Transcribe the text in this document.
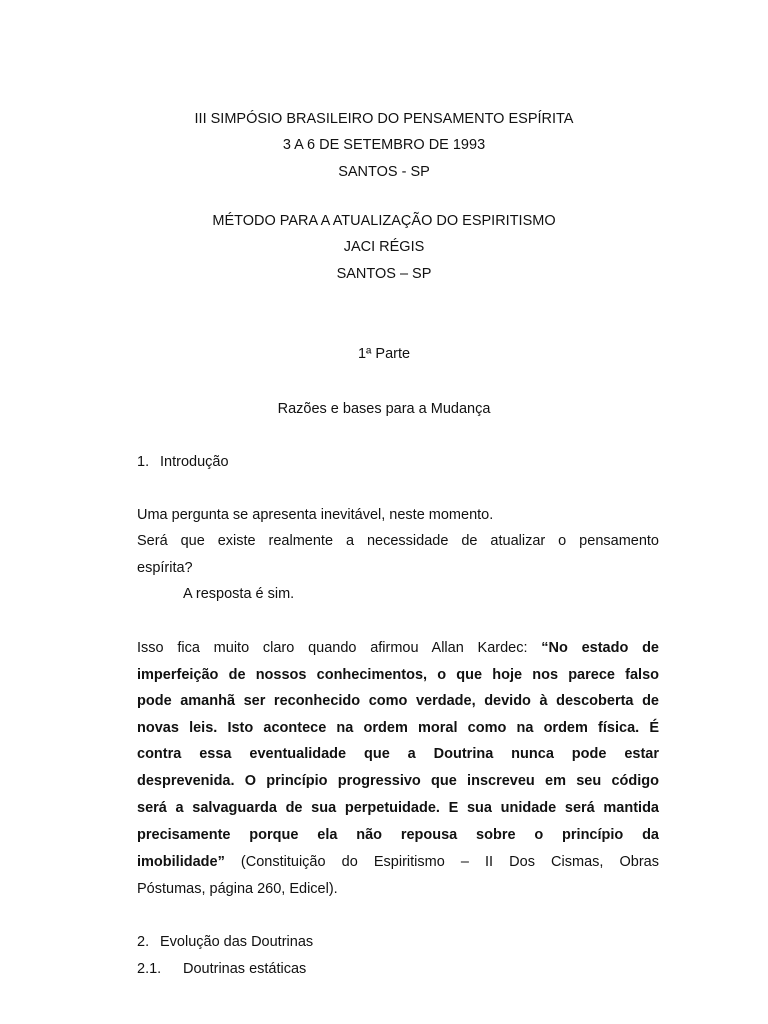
III SIMPÓSIO BRASILEIRO DO PENSAMENTO ESPÍRITA
3 A 6 DE SETEMBRO DE 1993
SANTOS - SP
MÉTODO PARA A ATUALIZAÇÃO DO ESPIRITISMO
JACI RÉGIS
SANTOS – SP
1ª Parte
Razões e bases para a Mudança
1. Introdução
Uma pergunta se apresenta inevitável, neste momento.
Será que existe realmente a necessidade de atualizar o pensamento
espírita?
A resposta é sim.
Isso fica muito claro quando afirmou Allan Kardec: “No estado de
imperfeição de nossos conhecimentos, o que hoje nos parece falso
pode amanhã ser reconhecido como verdade, devido à descoberta de
novas leis. Isto acontece na ordem moral como na ordem física. É
contra essa eventualidade que a Doutrina nunca pode estar
desprevenida. O princípio progressivo que inscreveu em seu código
será a salvaguarda de sua perpetuidade. E sua unidade será mantida
precisamente porque ela não repousa sobre o princípio da
imobilidade” (Constituição do Espiritismo – II Dos Cismas, Obras
Póstumas, página 260, Edicel).
2. Evolução das Doutrinas
2.1. Doutrinas estáticas
